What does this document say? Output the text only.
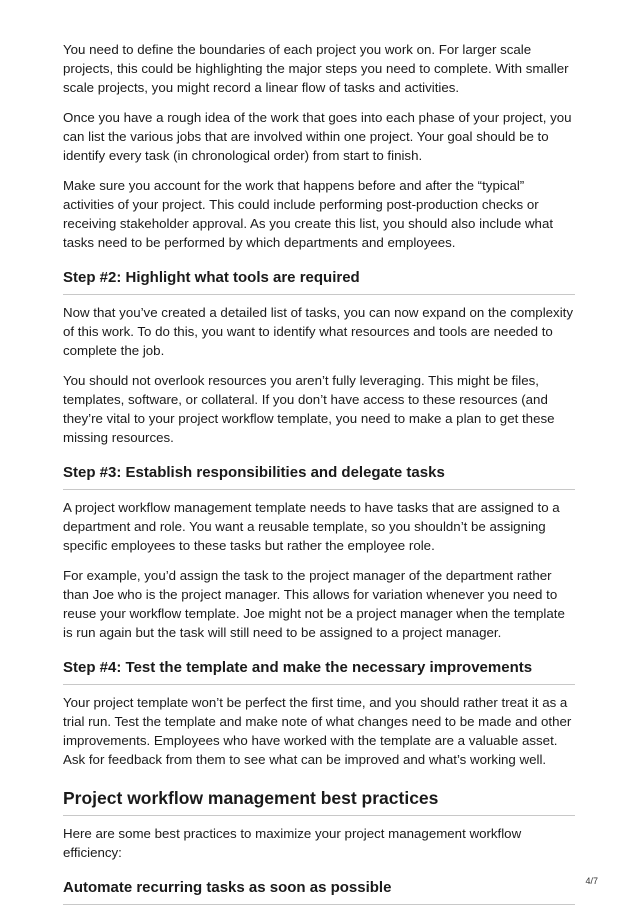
You need to define the boundaries of each project you work on. For larger scale projects, this could be highlighting the major steps you need to complete. With smaller scale projects, you might record a linear flow of tasks and activities.

Once you have a rough idea of the work that goes into each phase of your project, you can list the various jobs that are involved within one project. Your goal should be to identify every task (in chronological order) from start to finish.

Make sure you account for the work that happens before and after the “typical” activities of your project. This could include performing post-production checks or receiving stakeholder approval. As you create this list, you should also include what tasks need to be performed by which departments and employees.

Step #2: Highlight what tools are required

Now that you’ve created a detailed list of tasks, you can now expand on the complexity of this work. To do this, you want to identify what resources and tools are needed to complete the job.

You should not overlook resources you aren’t fully leveraging. This might be files, templates, software, or collateral. If you don’t have access to these resources (and they’re vital to your project workflow template, you need to make a plan to get these missing resources.

Step #3: Establish responsibilities and delegate tasks

A project workflow management template needs to have tasks that are assigned to a department and role. You want a reusable template, so you shouldn’t be assigning specific employees to these tasks but rather the employee role.

For example, you’d assign the task to the project manager of the department rather than Joe who is the project manager. This allows for variation whenever you need to reuse your workflow template. Joe might not be a project manager when the template is run again but the task will still need to be assigned to a project manager.

Step #4: Test the template and make the necessary improvements

Your project template won’t be perfect the first time, and you should rather treat it as a trial run. Test the template and make note of what changes need to be made and other improvements. Employees who have worked with the template are a valuable asset. Ask for feedback from them to see what can be improved and what’s working well.

Project workflow management best practices

Here are some best practices to maximize your project management workflow efficiency:

Automate recurring tasks as soon as possible	4/7
